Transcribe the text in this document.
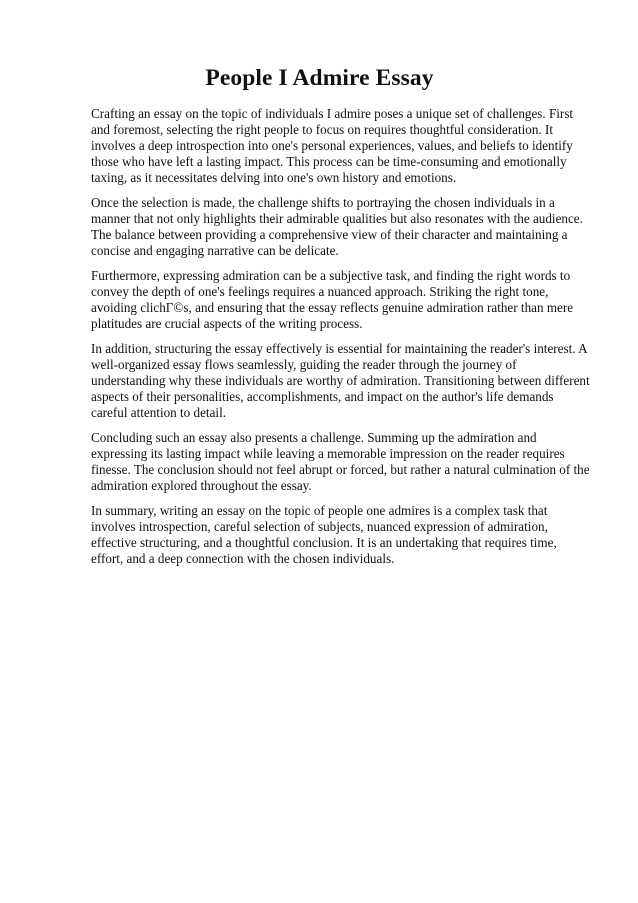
People I Admire Essay

Crafting an essay on the topic of individuals I admire poses a unique set of challenges. First and foremost, selecting the right people to focus on requires thoughtful consideration. It involves a deep introspection into one's personal experiences, values, and beliefs to identify those who have left a lasting impact. This process can be time-consuming and emotionally taxing, as it necessitates delving into one's own history and emotions.

Once the selection is made, the challenge shifts to portraying the chosen individuals in a manner that not only highlights their admirable qualities but also resonates with the audience. The balance between providing a comprehensive view of their character and maintaining a concise and engaging narrative can be delicate.

Furthermore, expressing admiration can be a subjective task, and finding the right words to convey the depth of one's feelings requires a nuanced approach. Striking the right tone, avoiding clichГ©s, and ensuring that the essay reflects genuine admiration rather than mere platitudes are crucial aspects of the writing process.

In addition, structuring the essay effectively is essential for maintaining the reader's interest. A well-organized essay flows seamlessly, guiding the reader through the journey of understanding why these individuals are worthy of admiration. Transitioning between different aspects of their personalities, accomplishments, and impact on the author's life demands careful attention to detail.

Concluding such an essay also presents a challenge. Summing up the admiration and expressing its lasting impact while leaving a memorable impression on the reader requires finesse. The conclusion should not feel abrupt or forced, but rather a natural culmination of the admiration explored throughout the essay.

In summary, writing an essay on the topic of people one admires is a complex task that involves introspection, careful selection of subjects, nuanced expression of admiration, effective structuring, and a thoughtful conclusion. It is an undertaking that requires time, effort, and a deep connection with the chosen individuals.
